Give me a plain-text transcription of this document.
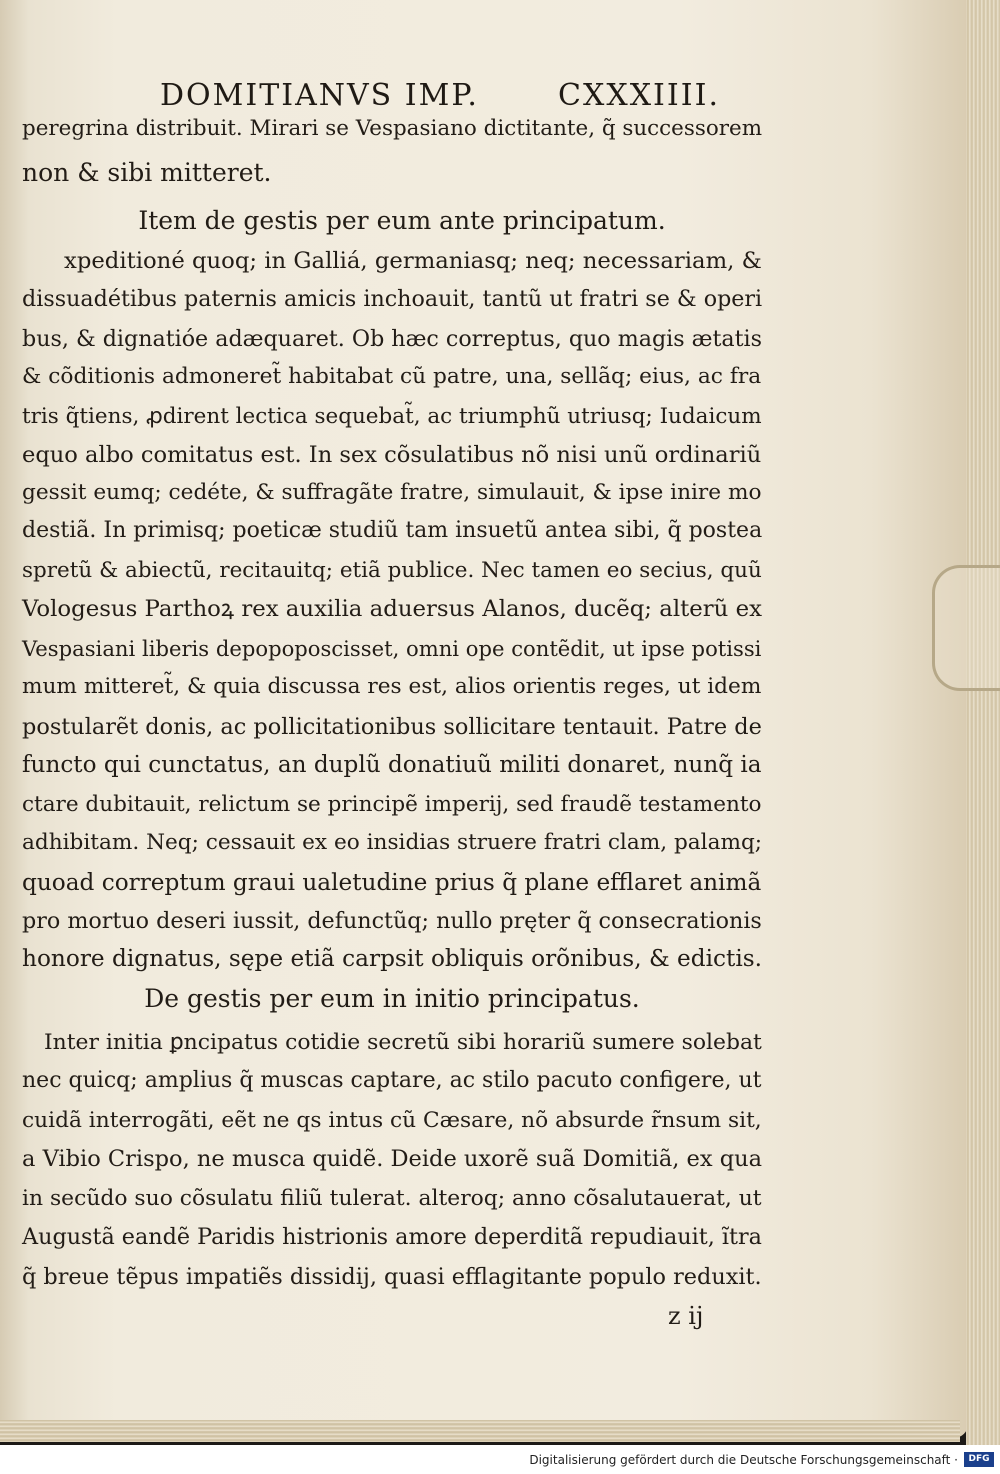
DOMITIANVS IMP.	CXXXIIII.
peregrina distribuit. Mirari se Vespasiano dictitante, q̃ successorem
non & sibi mitteret.
Item de gestis per eum ante principatum.
xpeditioné quoq; in Galliá, germaniasq; neq; necessariam, &
dissuadétibus paternis amicis inchoauit, tantũ ut fratri se & operi
bus, & dignatióe adæquaret. Ob hæc correptus, quo magis ætatis
& cõditionis admoneret̃ habitabat cũ patre, una, sellãq; eius, ac fra
tris q̃tiens, ꝓdirent lectica sequebat̃, ac triumphũ utriusq; Iudaicum
equo albo comitatus est. In sex cõsulatibus nõ nisi unũ ordinariũ
gessit eumq; cedéte, & suffragãte fratre, simulauit, & ipse inire mo
destiã. In primisq; poeticæ studiũ tam insuetũ antea sibi, q̃ postea
spretũ & abiectũ, recitauitq; etiã publice. Nec tamen eo secius, quũ
Vologesus Parthoꝝ rex auxilia aduersus Alanos, ducẽq; alterũ ex
Vespasiani liberis depopoposcisset, omni ope contẽdit, ut ipse potissi
mum mitteret̃, & quia discussa res est, alios orientis reges, ut idem
postularẽt donis, ac pollicitationibus sollicitare tentauit. Patre de
functo qui cunctatus, an duplũ donatiuũ militi donaret, nunq̃ ia
ctare dubitauit, relictum se principẽ imperij, sed fraudẽ testamento
adhibitam. Neq; cessauit ex eo insidias struere fratri clam, palamq;
quoad correptum graui ualetudine prius q̃ plane efflaret animã
pro mortuo deseri iussit, defunctũq; nullo pręter q̃ consecrationis
honore dignatus, sępe etiã carpsit obliquis orõnibus, & edictis.
De gestis per eum in initio principatus.
Inter initia ꝑncipatus cotidie secretũ sibi horariũ sumere solebat
nec quicq; amplius q̃ muscas captare, ac stilo pacuto configere, ut
cuidã interrogãti, eẽt ne qs intus cũ Cæsare, nõ absurde r̃nsum sit,
a Vibio Crispo, ne musca quidẽ. Deide uxorẽ suã Domitiã, ex qua
in secũdo suo cõsulatu filiũ tulerat. alteroq; anno cõsalutauerat, ut
Augustã eandẽ Paridis histrionis amore deperditã repudiauit, ĩtra
q̃ breue tẽpus impatiẽs dissidij, quasi efflagitante populo reduxit.
z ij
Digitalisierung gefördert durch die Deutsche Forschungsgemeinschaft ·	DFG
